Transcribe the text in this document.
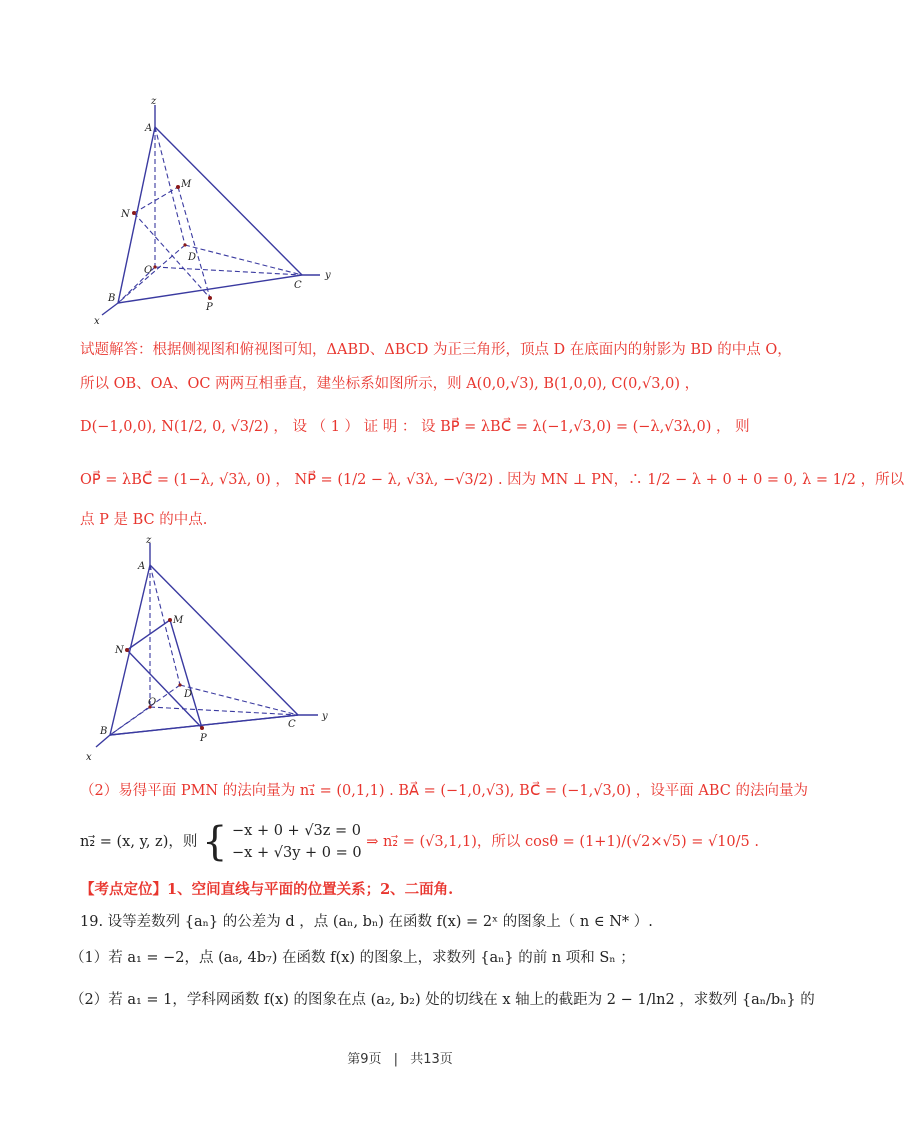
z
A
M
N
D
O
B
P
C
x
y
试题解答：根据侧视图和俯视图可知，ΔABD、ΔBCD 为正三角形，顶点 D 在底面内的射影为 BD 的中点 O，
所以 OB、OA、OC 两两互相垂直，建坐标系如图所示，则 A(0,0,√3), B(1,0,0), C(0,√3,0) ，
D(−1,0,0), N(1/2, 0, √3/2) ， 设 （ 1 ） 证 明 ： 设 BP⃗ = λBC⃗ = λ(−1,√3,0) = (−λ,√3λ,0) ， 则
OP⃗ = λBC⃗ = (1−λ, √3λ, 0) ， NP⃗ = (1/2 − λ, √3λ, −√3/2) . 因为 MN ⊥ PN，∴ 1/2 − λ + 0 + 0 = 0, λ = 1/2 ，所以
点 P 是 BC 的中点.
z
A
M
N
D
O
B
P
C
x
y
（2）易得平面 PMN 的法向量为 n₁⃗ = (0,1,1) . BA⃗ = (−1,0,√3), BC⃗ = (−1,√3,0) ，设平面 ABC 的法向量为
n₂⃗ = (x, y, z)，则 { −x + 0 + √3z = 0
−x + √3y + 0 = 0 ⇒ n₂⃗ = (√3,1,1)，所以 cosθ = (1+1)/(√2×√5) = √10/5 .
【考点定位】1、空间直线与平面的位置关系；2、二面角.
19. 设等差数列 {aₙ} 的公差为 d ，点 (aₙ, bₙ) 在函数 f(x) = 2ˣ 的图象上（ n ∈ N* ）.
（1）若 a₁ = −2，点 (a₈, 4b₇) 在函数 f(x) 的图象上，求数列 {aₙ} 的前 n 项和 Sₙ ；
（2）若 a₁ = 1，学科网函数 f(x) 的图象在点 (a₂, b₂) 处的切线在 x 轴上的截距为 2 − 1/ln2 ，求数列 {aₙ/bₙ} 的
第9页 | 共13页
